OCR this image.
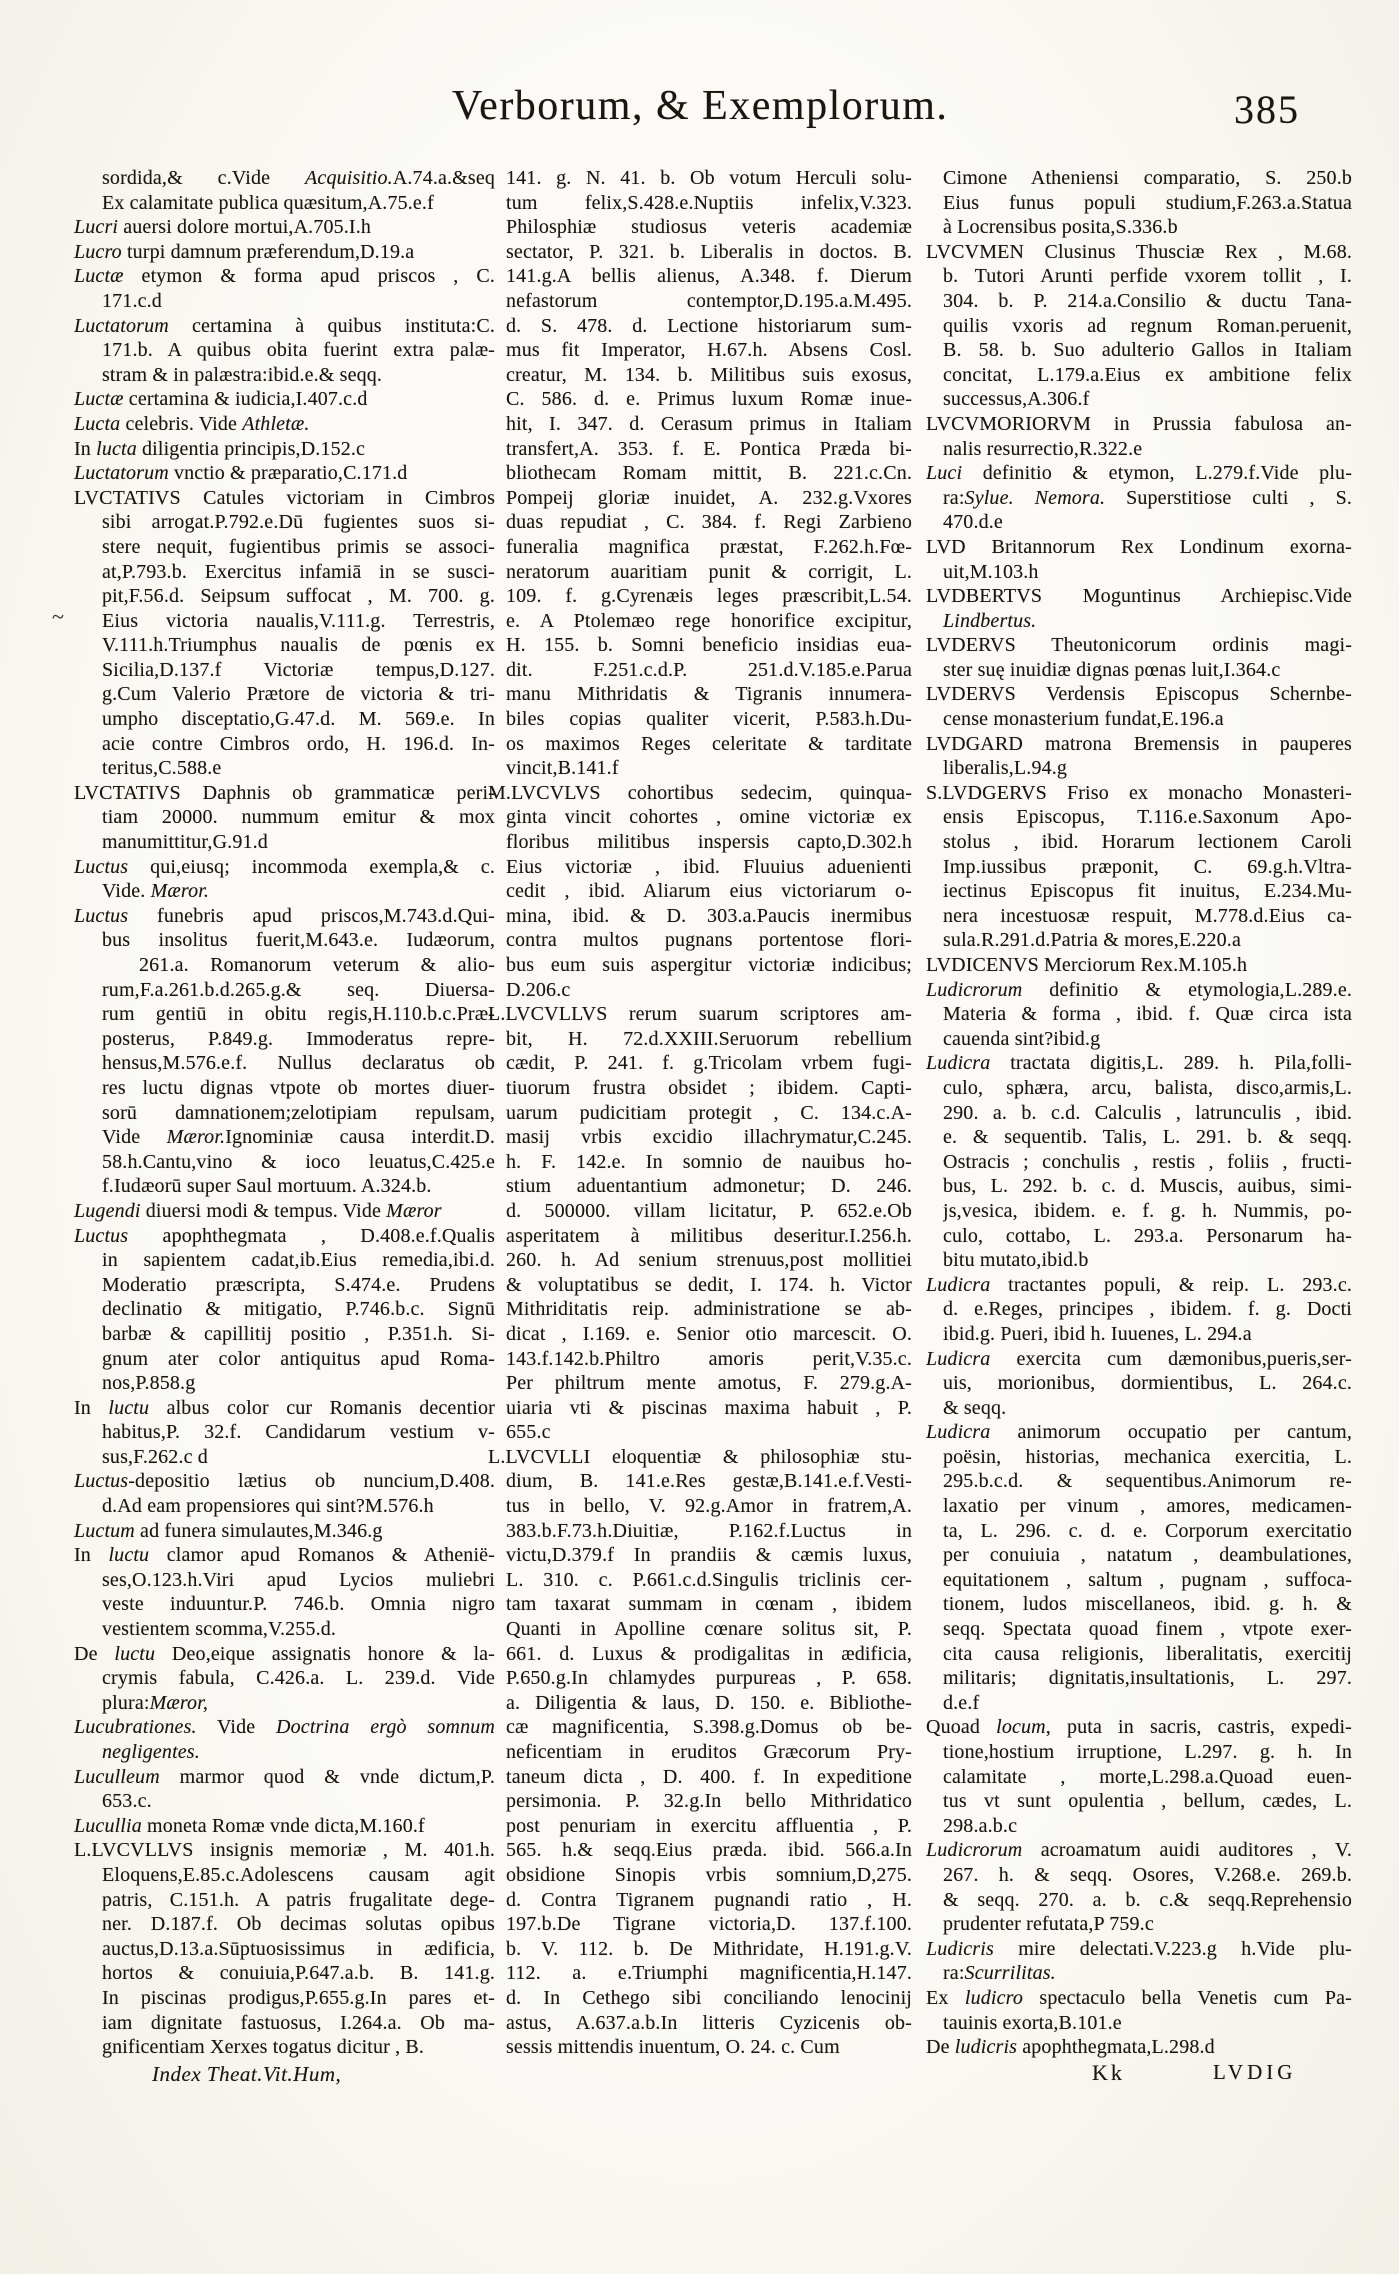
Verborum, & Exemplorum.	385
~
sordida,& c.Vide Acquisitio.A.74.a.&seq
Ex calamitate publica quæsitum,A.75.e.f
Lucri auersi dolore mortui,A.705.I.h
Lucro turpi damnum præferendum,D.19.a
Luctæ etymon & forma apud priscos , C.
171.c.d
Luctatorum certamina à quibus instituta:C.
171.b. A quibus obita fuerint extra palæ-
stram & in palæstra:ibid.e.& seqq.
Luctæ certamina & iudicia,I.407.c.d
Lucta celebris. Vide Athletæ.
In lucta diligentia principis,D.152.c
Luctatorum vnctio & præparatio,C.171.d
LVCTATIVS Catules victoriam in Cimbros
sibi arrogat.P.792.e.Dū fugientes suos si-
stere nequit, fugientibus primis se associ-
at,P.793.b. Exercitus infamiā in se susci-
pit,F.56.d. Seipsum suffocat , M. 700. g.
Eius victoria naualis,V.111.g. Terrestris,
V.111.h.Triumphus naualis de pœnis ex
Sicilia,D.137.f Victoriæ tempus,D.127.
g.Cum Valerio Prætore de victoria & tri-
umpho disceptatio,G.47.d. M. 569.e. In
acie contre Cimbros ordo, H. 196.d. In-
teritus,C.588.e
LVCTATIVS Daphnis ob grammaticæ peri-
tiam 20000. nummum emitur & mox
manumittitur,G.91.d
Luctus qui,eiusq; incommoda exempla,& c.
Vide. Mæror.
Luctus funebris apud priscos,M.743.d.Qui-
bus insolitus fuerit,M.643.e. Iudæorum,
261.a. Romanorum veterum & alio-
rum,F.a.261.b.d.265.g.& seq. Diuersa-
rum gentiū in obitu regis,H.110.b.c.Præ-
posterus, P.849.g. Immoderatus repre-
hensus,M.576.e.f. Nullus declaratus ob
res luctu dignas vtpote ob mortes diuer-
sorū damnationem;zelotipiam repulsam,
Vide Mæror.Ignominiæ causa interdit.D.
58.h.Cantu,vino & ioco leuatus,C.425.e
f.Iudæorū super Saul mortuum. A.324.b.
Lugendi diuersi modi & tempus. Vide Mæror
Luctus apophthegmata , D.408.e.f.Qualis
in sapientem cadat,ib.Eius remedia,ibi.d.
Moderatio præscripta, S.474.e. Prudens
declinatio & mitigatio, P.746.b.c. Signū
barbæ & capillitij positio , P.351.h. Si-
gnum ater color antiquitus apud Roma-
nos,P.858.g
In luctu albus color cur Romanis decentior
habitus,P. 32.f. Candidarum vestium v-
sus,F.262.c d
Luctus-depositio lætius ob nuncium,D.408.
d.Ad eam propensiores qui sint?M.576.h
Luctum ad funera simulautes,M.346.g
In luctu clamor apud Romanos & Athenië-
ses,O.123.h.Viri apud Lycios muliebri
veste induuntur.P. 746.b. Omnia nigro
vestientem scomma,V.255.d.
De luctu Deo,eique assignatis honore & la-
crymis fabula, C.426.a. L. 239.d. Vide
plura:Mæror,
Lucubrationes. Vide Doctrina ergò somnum
negligentes.
Luculleum marmor quod & vnde dictum,P.
653.c.
Lucullia moneta Romæ vnde dicta,M.160.f
L.LVCVLLVS insignis memoriæ , M. 401.h.
Eloquens,E.85.c.Adolescens causam agit
patris, C.151.h. A patris frugalitate dege-
ner. D.187.f. Ob decimas solutas opibus
auctus,D.13.a.Sūptuosissimus in ædificia,
hortos & conuiuia,P.647.a.b. B. 141.g.
In piscinas prodigus,P.655.g.In pares et-
iam dignitate fastuosus, I.264.a. Ob ma-
gnificentiam Xerxes togatus dicitur , B.
141. g. N. 41. b. Ob votum Herculi solu-
tum felix,S.428.e.Nuptiis infelix,V.323.
Philosphiæ studiosus veteris academiæ
sectator, P. 321. b. Liberalis in doctos. B.
141.g.A bellis alienus, A.348. f. Dierum
nefastorum contemptor,D.195.a.M.495.
d. S. 478. d. Lectione historiarum sum-
mus fit Imperator, H.67.h. Absens Cosl.
creatur, M. 134. b. Militibus suis exosus,
C. 586. d. e. Primus luxum Romæ inue-
hit, I. 347. d. Cerasum primus in Italiam
transfert,A. 353. f. E. Pontica Præda bi-
bliothecam Romam mittit, B. 221.c.Cn.
Pompeij gloriæ inuidet, A. 232.g.Vxores
duas repudiat , C. 384. f. Regi Zarbieno
funeralia magnifica præstat, F.262.h.Fœ-
neratorum auaritiam punit & corrigit, L.
109. f. g.Cyrenæis leges præscribit,L.54.
e. A Ptolemæo rege honorifice excipitur,
H. 155. b. Somni beneficio insidias eua-
dit. F.251.c.d.P. 251.d.V.185.e.Parua
manu Mithridatis & Tigranis innumera-
biles copias qualiter vicerit, P.583.h.Du-
os maximos Reges celeritate & tarditate
vincit,B.141.f
M.LVCVLVS cohortibus sedecim, quinqua-
ginta vincit cohortes , omine victoriæ ex
floribus militibus inspersis capto,D.302.h
Eius victoriæ , ibid. Fluuius aduenienti
cedit , ibid. Aliarum eius victoriarum o-
mina, ibid. & D. 303.a.Paucis inermibus
contra multos pugnans portentose flori-
bus eum suis aspergitur victoriæ indicibus;
D.206.c
L.LVCVLLVS rerum suarum scriptores am-
bit, H. 72.d.XXIII.Seruorum rebellium
cædit, P. 241. f. g.Tricolam vrbem fugi-
tiuorum frustra obsidet ; ibidem. Capti-
uarum pudicitiam protegit , C. 134.c.A-
masij vrbis excidio illachrymatur,C.245.
h. F. 142.e. In somnio de nauibus ho-
stium aduentantium admonetur; D. 246.
d. 500000. villam licitatur, P. 652.e.Ob
asperitatem à militibus deseritur.I.256.h.
260. h. Ad senium strenuus,post mollitiei
& voluptatibus se dedit, I. 174. h. Victor
Mithriditatis reip. administratione se ab-
dicat , I.169. e. Senior otio marcescit. O.
143.f.142.b.Philtro amoris perit,V.35.c.
Per philtrum mente amotus, F. 279.g.A-
uiaria vti & piscinas maxima habuit , P.
655.c
L.LVCVLLI eloquentiæ & philosophiæ stu-
dium, B. 141.e.Res gestæ,B.141.e.f.Vesti-
tus in bello, V. 92.g.Amor in fratrem,A.
383.b.F.73.h.Diuitiæ, P.162.f.Luctus in
victu,D.379.f In prandiis & cæmis luxus,
L. 310. c. P.661.c.d.Singulis triclinis cer-
tam taxarat summam in cœnam , ibidem
Quanti in Apolline cœnare solitus sit, P.
661. d. Luxus & prodigalitas in ædificia,
P.650.g.In chlamydes purpureas , P. 658.
a. Diligentia & laus, D. 150. e. Bibliothe-
cæ magnificentia, S.398.g.Domus ob be-
neficentiam in eruditos Græcorum Pry-
taneum dicta , D. 400. f. In expeditione
persimonia. P. 32.g.In bello Mithridatico
post penuriam in exercitu affluentia , P.
565. h.& seqq.Eius præda. ibid. 566.a.In
obsidione Sinopis vrbis somnium,D,275.
d. Contra Tigranem pugnandi ratio , H.
197.b.De Tigrane victoria,D. 137.f.100.
b. V. 112. b. De Mithridate, H.191.g.V.
112. a. e.Triumphi magnificentia,H.147.
d. In Cethego sibi conciliando lenocinij
astus, A.637.a.b.In litteris Cyzicenis ob-
sessis mittendis inuentum, O. 24. c. Cum
Cimone Atheniensi comparatio, S. 250.b
Eius funus populi studium,F.263.a.Statua
à Locrensibus posita,S.336.b
LVCVMEN Clusinus Thusciæ Rex , M.68.
b. Tutori Arunti perfide vxorem tollit , I.
304. b. P. 214.a.Consilio & ductu Tana-
quilis vxoris ad regnum Roman.peruenit,
B. 58. b. Suo adulterio Gallos in Italiam
concitat, L.179.a.Eius ex ambitione felix
successus,A.306.f
LVCVMORIORVM in Prussia fabulosa an-
nalis resurrectio,R.322.e
Luci definitio & etymon, L.279.f.Vide plu-
ra:Sylue. Nemora. Superstitiose culti , S.
470.d.e
LVD Britannorum Rex Londinum exorna-
uit,M.103.h
LVDBERTVS Moguntinus Archiepisc.Vide
Lindbertus.
LVDERVS Theutonicorum ordinis magi-
ster suę inuidiæ dignas pœnas luit,I.364.c
LVDERVS Verdensis Episcopus Schernbe-
cense monasterium fundat,E.196.a
LVDGARD matrona Bremensis in pauperes
liberalis,L.94.g
S.LVDGERVS Friso ex monacho Monasteri-
ensis Episcopus, T.116.e.Saxonum Apo-
stolus , ibid. Horarum lectionem Caroli
Imp.iussibus præponit, C. 69.g.h.Vltra-
iectinus Episcopus fit inuitus, E.234.Mu-
nera incestuosæ respuit, M.778.d.Eius ca-
sula.R.291.d.Patria & mores,E.220.a
LVDICENVS Merciorum Rex.M.105.h
Ludicrorum definitio & etymologia,L.289.e.
Materia & forma , ibid. f. Quæ circa ista
cauenda sint?ibid.g
Ludicra tractata digitis,L. 289. h. Pila,folli-
culo, sphæra, arcu, balista, disco,armis,L.
290. a. b. c.d. Calculis , latrunculis , ibid.
e. & sequentib. Talis, L. 291. b. & seqq.
Ostracis ; conchulis , restis , foliis , fructi-
bus, L. 292. b. c. d. Muscis, auibus, simi-
js,vesica, ibidem. e. f. g. h. Nummis, po-
culo, cottabo, L. 293.a. Personarum ha-
bitu mutato,ibid.b
Ludicra tractantes populi, & reip. L. 293.c.
d. e.Reges, principes , ibidem. f. g. Docti
ibid.g. Pueri, ibid h. Iuuenes, L. 294.a
Ludicra exercita cum dæmonibus,pueris,ser-
uis, morionibus, dormientibus, L. 264.c.
& seqq.
Ludicra animorum occupatio per cantum,
poësin, historias, mechanica exercitia, L.
295.b.c.d. & sequentibus.Animorum re-
laxatio per vinum , amores, medicamen-
ta, L. 296. c. d. e. Corporum exercitatio
per conuiuia , natatum , deambulationes,
equitationem , saltum , pugnam , suffoca-
tionem, ludos miscellaneos, ibid. g. h. &
seqq. Spectata quoad finem , vtpote exer-
cita causa religionis, liberalitatis, exercitij
militaris; dignitatis,insultationis, L. 297.
d.e.f
Quoad locum, puta in sacris, castris, expedi-
tione,hostium irruptione, L.297. g. h. In
calamitate , morte,L.298.a.Quoad euen-
tus vt sunt opulentia , bellum, cædes, L.
298.a.b.c
Ludicrorum acroamatum auidi auditores , V.
267. h. & seqq. Osores, V.268.e. 269.b.
& seqq. 270. a. b. c.& seqq.Reprehensio
prudenter refutata,P 759.c
Ludicris mire delectati.V.223.g h.Vide plu-
ra:Scurrilitas.
Ex ludicro spectaculo bella Venetis cum Pa-
tauinis exorta,B.101.e
De ludicris apophthegmata,L.298.d
Index Theat.Vit.Hum,	Kk	LVDIG
